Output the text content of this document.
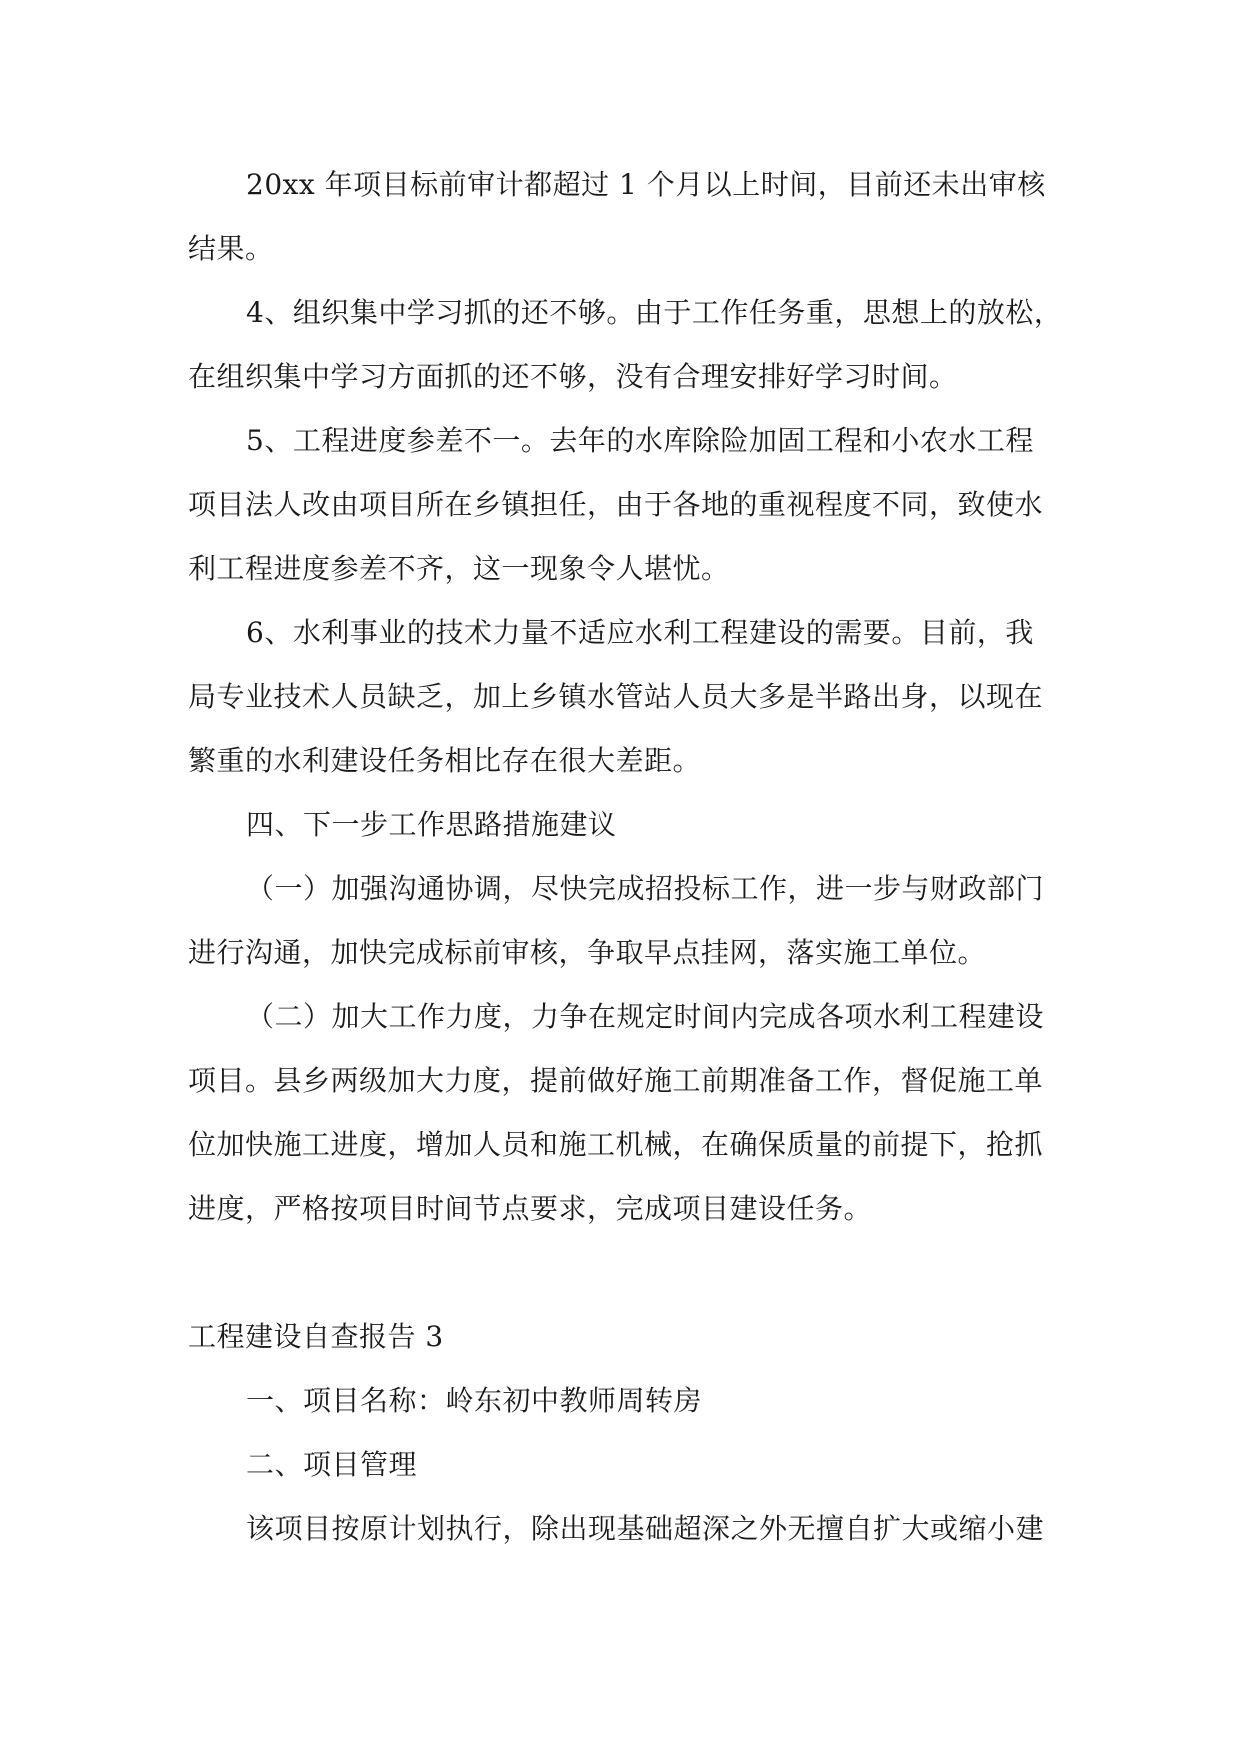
20xx 年项目标前审计都超过 1 个月以上时间，目前还未出审核
结果。
4、组织集中学习抓的还不够。由于工作任务重，思想上的放松，
在组织集中学习方面抓的还不够，没有合理安排好学习时间。
5、工程进度参差不一。去年的水库除险加固工程和小农水工程
项目法人改由项目所在乡镇担任，由于各地的重视程度不同，致使水
利工程进度参差不齐，这一现象令人堪忧。
6、水利事业的技术力量不适应水利工程建设的需要。目前，我
局专业技术人员缺乏，加上乡镇水管站人员大多是半路出身，以现在
繁重的水利建设任务相比存在很大差距。
四、下一步工作思路措施建议
（一）加强沟通协调，尽快完成招投标工作，进一步与财政部门
进行沟通，加快完成标前审核，争取早点挂网，落实施工单位。
（二）加大工作力度，力争在规定时间内完成各项水利工程建设
项目。县乡两级加大力度，提前做好施工前期准备工作，督促施工单
位加快施工进度，增加人员和施工机械，在确保质量的前提下，抢抓
进度，严格按项目时间节点要求，完成项目建设任务。
工程建设自查报告 3
一、项目名称：岭东初中教师周转房
二、项目管理
该项目按原计划执行，除出现基础超深之外无擅自扩大或缩小建
